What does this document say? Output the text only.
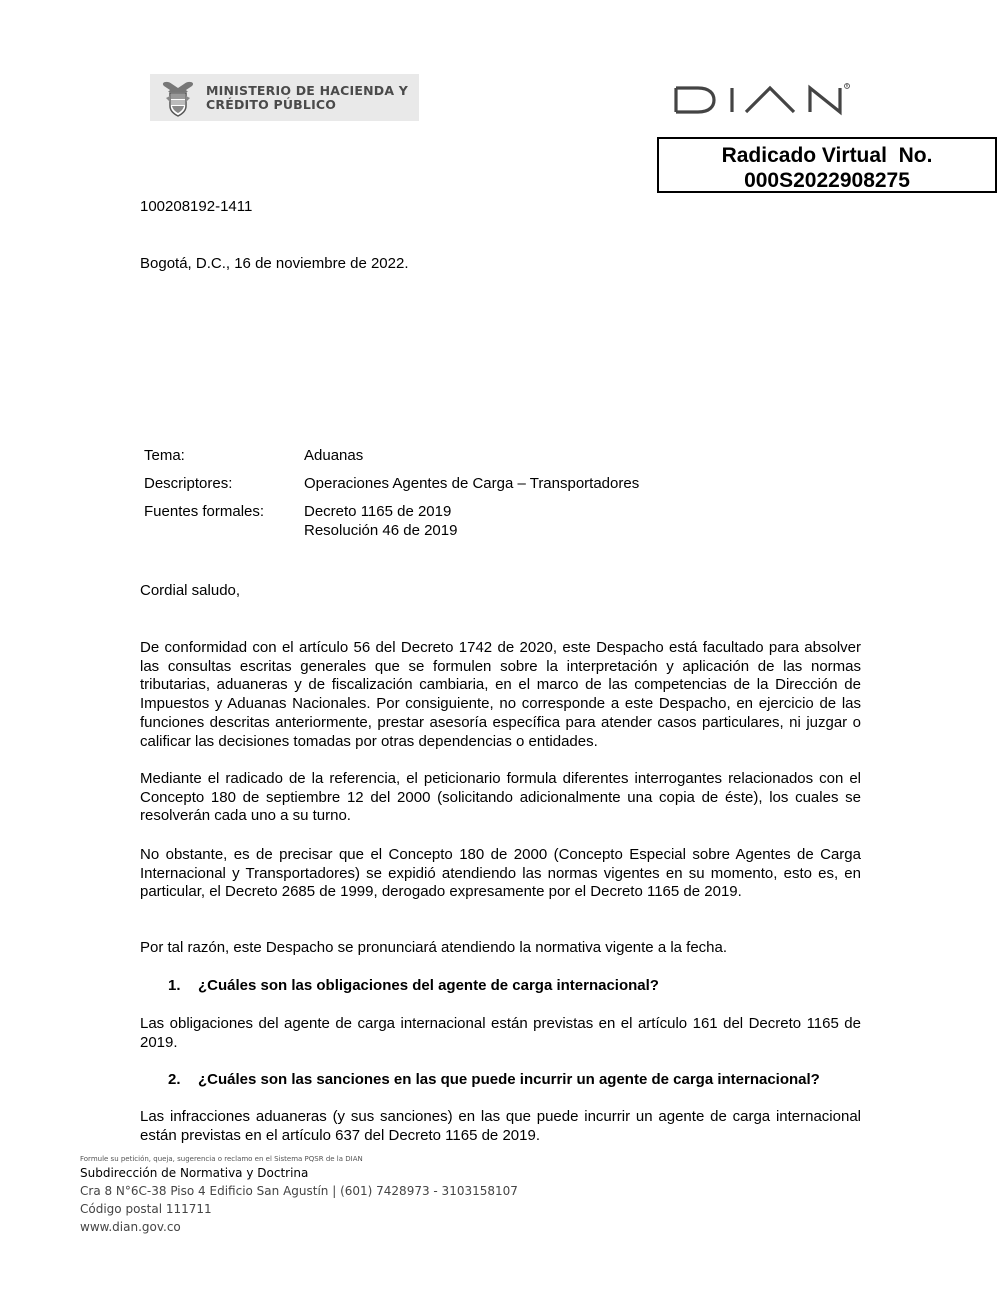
MINISTERIO DE HACIENDA Y
CRÉDITO PÚBLICO
R
Radicado Virtual  No.
000S2022908275
100208192-1411
Bogotá, D.C., 16 de noviembre de 2022.
Tema:	Aduanas
Descriptores:	Operaciones Agentes de Carga – Transportadores
Fuentes formales:	Decreto 1165 de 2019
Resolución 46 de 2019
Cordial saludo,
De conformidad con el artículo 56 del Decreto 1742 de 2020, este Despacho está facultado para absolver las consultas escritas generales que se formulen sobre la interpretación y aplicación de las normas tributarias, aduaneras y de fiscalización cambiaria, en el marco de las competencias de la Dirección de Impuestos y Aduanas Nacionales. Por consiguiente, no corresponde a este Despacho, en ejercicio de las funciones descritas anteriormente, prestar asesoría específica para atender casos particulares, ni juzgar o calificar las decisiones tomadas por otras dependencias o entidades.
Mediante el radicado de la referencia, el peticionario formula diferentes interrogantes relacionados con el Concepto 180 de septiembre 12 del 2000 (solicitando adicionalmente una copia de éste), los cuales se resolverán cada uno a su turno.
No obstante, es de precisar que el Concepto 180 de 2000 (Concepto Especial sobre Agentes de Carga Internacional y Transportadores) se expidió atendiendo las normas vigentes en su momento, esto es, en particular, el Decreto 2685 de 1999, derogado expresamente por el Decreto 1165 de 2019.
Por tal razón, este Despacho se pronunciará atendiendo la normativa vigente a la fecha.
1.	¿Cuáles son las obligaciones del agente de carga internacional?
Las obligaciones del agente de carga internacional están previstas en el artículo 161 del Decreto 1165 de 2019.
2.	¿Cuáles son las sanciones en las que puede incurrir un agente de carga internacional?
Las infracciones aduaneras (y sus sanciones) en las que puede incurrir un agente de carga internacional están previstas en el artículo 637 del Decreto 1165 de 2019.
Formule su petición, queja, sugerencia o reclamo en el Sistema PQSR de la DIAN
Subdirección de Normativa y Doctrina
Cra 8 N°6C-38 Piso 4 Edificio San Agustín | (601) 7428973 - 3103158107
Código postal 111711
www.dian.gov.co
